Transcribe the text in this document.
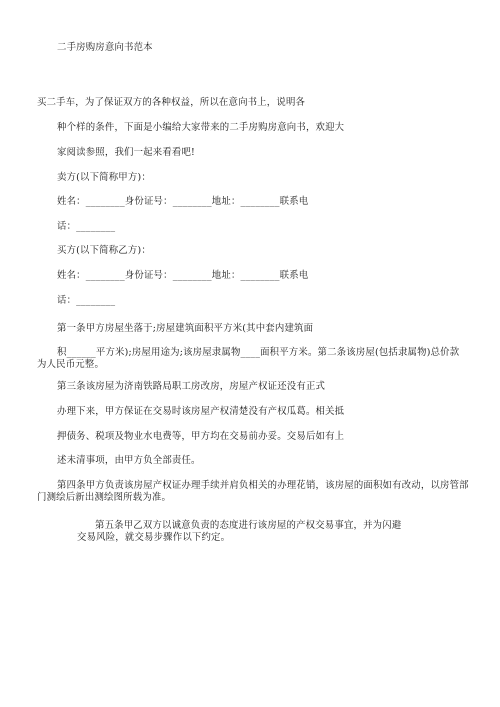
二手房购房意向书范本
买二手车，为了保证双方的各种权益，所以在意向书上，说明各
种个样的条件，下面是小编给大家带来的二手房购房意向书，欢迎大
家阅读参照，我们一起来看看吧!
卖方(以下简称甲方)：
姓名：________身份证号：________地址：________联系电
话：________
买方(以下简称乙方)：
姓名：________身份证号：________地址：________联系电
话：________
第一条甲方房屋坐落于;房屋建筑面积平方米(其中套内建筑面
积______平方米);房屋用途为;该房屋隶属物____面积平方米。第二条该房屋(包括隶属物)总价款
为人民币元整。
第三条该房屋为济南铁路局职工房改房，房屋产权证还没有正式
办理下来，甲方保证在交易时该房屋产权清楚没有产权瓜葛。相关抵
押债务、税项及物业水电费等，甲方均在交易前办妥。交易后如有上
述未清事项，由甲方负全部责任。
第四条甲方负责该房屋产权证办理手续并肩负相关的办理花销，该房屋的面积如有改动，以房管部
门测绘后新出测绘图所载为准。
第五条甲乙双方以诚意负责的态度进行该房屋的产权交易事宜，并为闪避
交易风险，就交易步骤作以下约定。
